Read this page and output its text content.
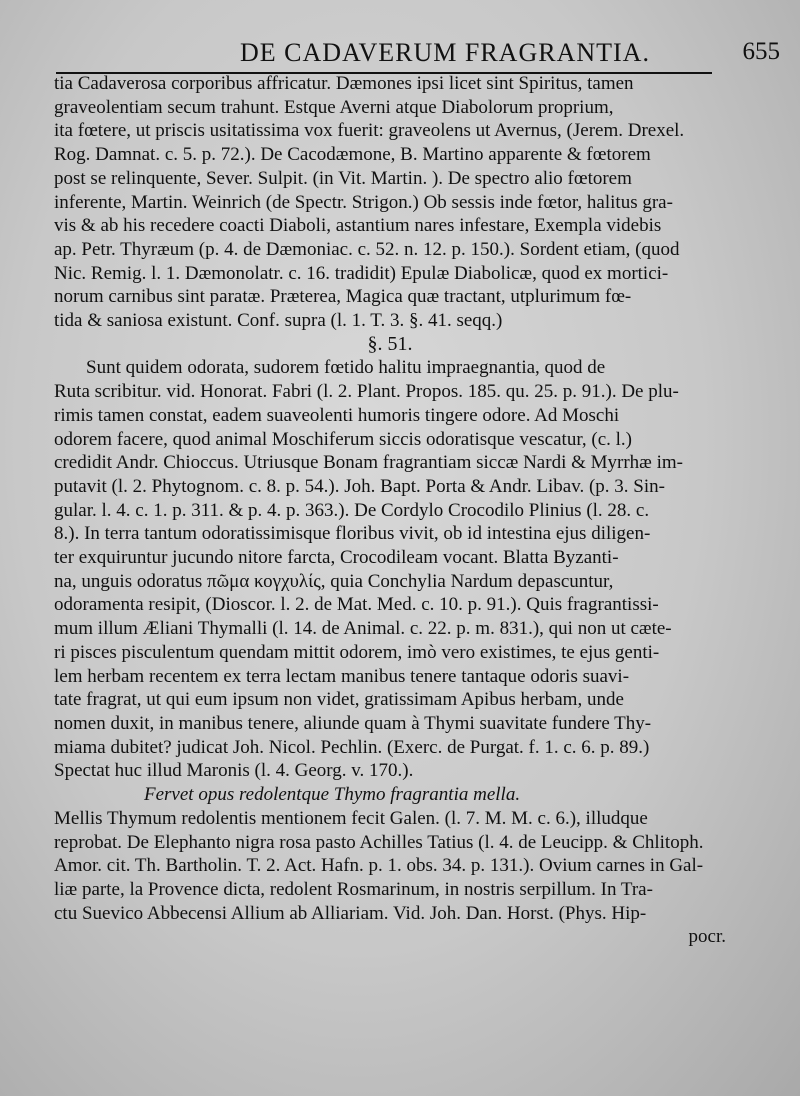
DE CADAVERUM FRAGRANTIA.	655
tia Cadaverosa corporibus affricatur. Dæmones ipsi licet sint Spiritus, tamen
graveolentiam secum trahunt. Estque Averni atque Diabolorum proprium,
ita fœtere, ut priscis usitatissima vox fuerit: graveolens ut Avernus, (Jerem. Drexel.
Rog. Damnat. c. 5. p. 72.). De Cacodæmone, B. Martino apparente & fœtorem
post se relinquente, Sever. Sulpit. (in Vit. Martin. ). De spectro alio fœtorem
inferente, Martin. Weinrich (de Spectr. Strigon.) Ob sessis inde fœtor, halitus gra-
vis & ab his recedere coacti Diaboli, astantium nares infestare, Exempla videbis
ap. Petr. Thyræum (p. 4. de Dæmoniac. c. 52. n. 12. p. 150.). Sordent etiam, (quod
Nic. Remig. l. 1. Dæmonolatr. c. 16. tradidit) Epulæ Diabolicæ, quod ex mortici-
norum carnibus sint paratæ. Præterea, Magica quæ tractant, utplurimum fœ-
tida & saniosa existunt. Conf. supra (l. 1. T. 3. §. 41. seqq.)
§. 51.
Sunt quidem odorata, sudorem fœtido halitu impraegnantia, quod de
Ruta scribitur. vid. Honorat. Fabri (l. 2. Plant. Propos. 185. qu. 25. p. 91.). De plu-
rimis tamen constat, eadem suaveolenti humoris tingere odore. Ad Moschi
odorem facere, quod animal Moschiferum siccis odoratisque vescatur, (c. l.)
credidit Andr. Chioccus. Utriusque Bonam fragrantiam siccæ Nardi & Myrrhæ im-
putavit (l. 2. Phytognom. c. 8. p. 54.). Joh. Bapt. Porta & Andr. Libav. (p. 3. Sin-
gular. l. 4. c. 1. p. 311. & p. 4. p. 363.). De Cordylo Crocodilo Plinius (l. 28. c.
8.). In terra tantum odoratissimisque floribus vivit, ob id intestina ejus diligen-
ter exquiruntur jucundo nitore farcta, Crocodileam vocant. Blatta Byzanti-
na, unguis odoratus πῶμα κογχυλίς, quia Conchylia Nardum depascuntur,
odoramenta resipit, (Dioscor. l. 2. de Mat. Med. c. 10. p. 91.). Quis fragrantissi-
mum illum Æliani Thymalli (l. 14. de Animal. c. 22. p. m. 831.), qui non ut cæte-
ri pisces pisculentum quendam mittit odorem, imò vero existimes, te ejus genti-
lem herbam recentem ex terra lectam manibus tenere tantaque odoris suavi-
tate fragrat, ut qui eum ipsum non videt, gratissimam Apibus herbam, unde
nomen duxit, in manibus tenere, aliunde quam à Thymi suavitate fundere Thy-
miama dubitet? judicat Joh. Nicol. Pechlin. (Exerc. de Purgat. f. 1. c. 6. p. 89.)
Spectat huc illud Maronis (l. 4. Georg. v. 170.).
Fervet opus redolentque Thymo fragrantia mella.
Mellis Thymum redolentis mentionem fecit Galen. (l. 7. M. M. c. 6.), illudque
reprobat. De Elephanto nigra rosa pasto Achilles Tatius (l. 4. de Leucipp. & Chlitoph.
Amor. cit. Th. Bartholin. T. 2. Act. Hafn. p. 1. obs. 34. p. 131.). Ovium carnes in Gal-
liæ parte, la Provence dicta, redolent Rosmarinum, in nostris serpillum. In Tra-
ctu Suevico Abbecensi Allium ab Alliariam. Vid. Joh. Dan. Horst. (Phys. Hip-
pocr.
